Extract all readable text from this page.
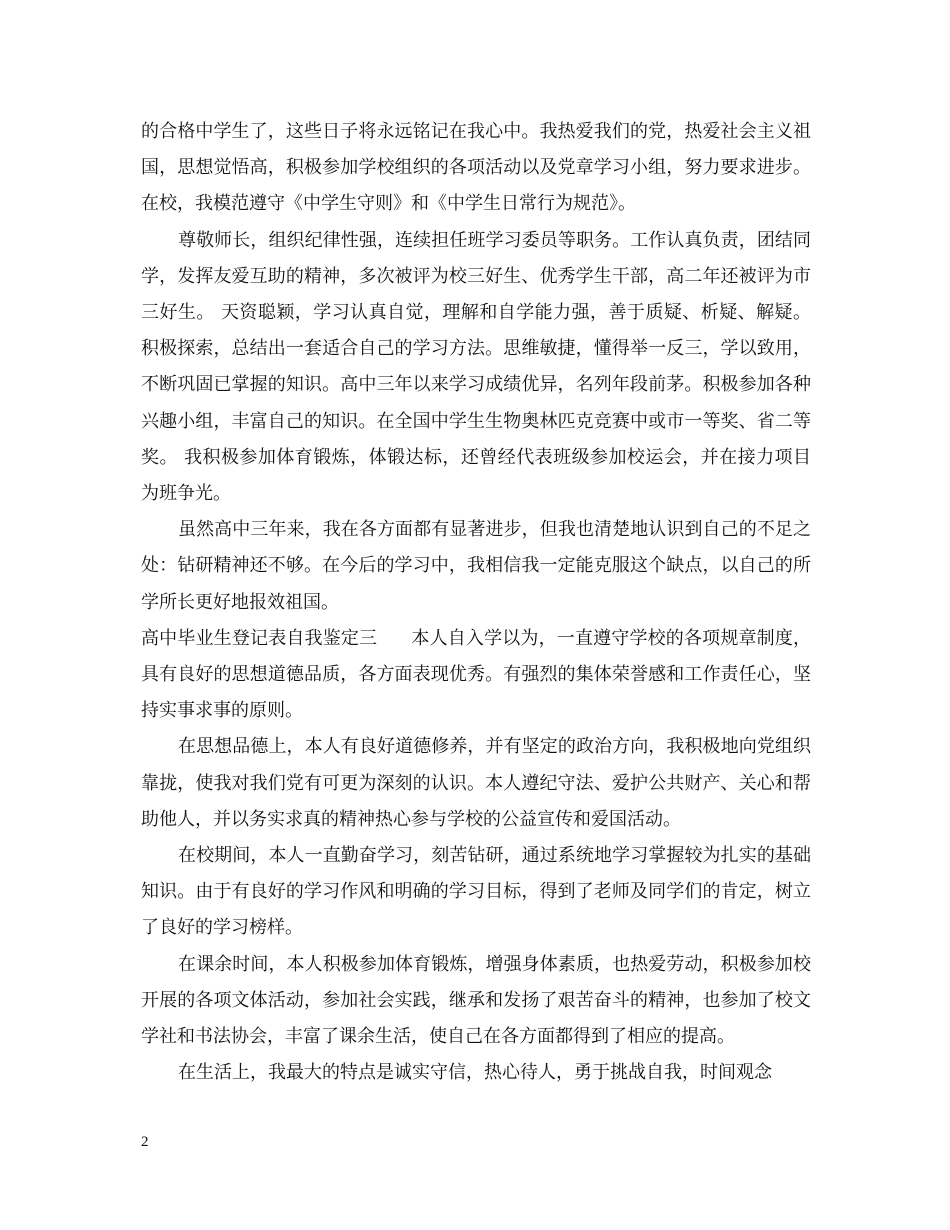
的合格中学生了，这些日子将永远铭记在我心中。我热爱我们的党，热爱社会主义祖国，思想觉悟高，积极参加学校组织的各项活动以及党章学习小组，努力要求进步。在校，我模范遵守《中学生守则》和《中学生日常行为规范》。

尊敬师长，组织纪律性强，连续担任班学习委员等职务。工作认真负责，团结同学，发挥友爱互助的精神，多次被评为校三好生、优秀学生干部，高二年还被评为市三好生。 天资聪颖，学习认真自觉，理解和自学能力强，善于质疑、析疑、解疑。积极探索，总结出一套适合自己的学习方法。思维敏捷，懂得举一反三，学以致用，不断巩固已掌握的知识。高中三年以来学习成绩优异，名列年段前茅。积极参加各种兴趣小组，丰富自己的知识。在全国中学生生物奥林匹克竞赛中或市一等奖、省二等奖。 我积极参加体育锻炼，体锻达标，还曾经代表班级参加校运会，并在接力项目为班争光。

虽然高中三年来，我在各方面都有显著进步，但我也清楚地认识到自己的不足之处：钻研精神还不够。在今后的学习中，我相信我一定能克服这个缺点，以自己的所学所长更好地报效祖国。

高中毕业生登记表自我鉴定三 本人自入学以为，一直遵守学校的各项规章制度，具有良好的思想道德品质，各方面表现优秀。有强烈的集体荣誉感和工作责任心，坚持实事求事的原则。

在思想品德上，本人有良好道德修养，并有坚定的政治方向，我积极地向党组织靠拢，使我对我们党有可更为深刻的认识。本人遵纪守法、爱护公共财产、关心和帮助他人，并以务实求真的精神热心参与学校的公益宣传和爱国活动。

在校期间，本人一直勤奋学习，刻苦钻研，通过系统地学习掌握较为扎实的基础知识。由于有良好的学习作风和明确的学习目标，得到了老师及同学们的肯定，树立了良好的学习榜样。

在课余时间，本人积极参加体育锻炼，增强身体素质，也热爱劳动，积极参加校开展的各项文体活动，参加社会实践，继承和发扬了艰苦奋斗的精神，也参加了校文学社和书法协会，丰富了课余生活，使自己在各方面都得到了相应的提高。

在生活上，我最大的特点是诚实守信，热心待人，勇于挑战自我，时间观念

2
